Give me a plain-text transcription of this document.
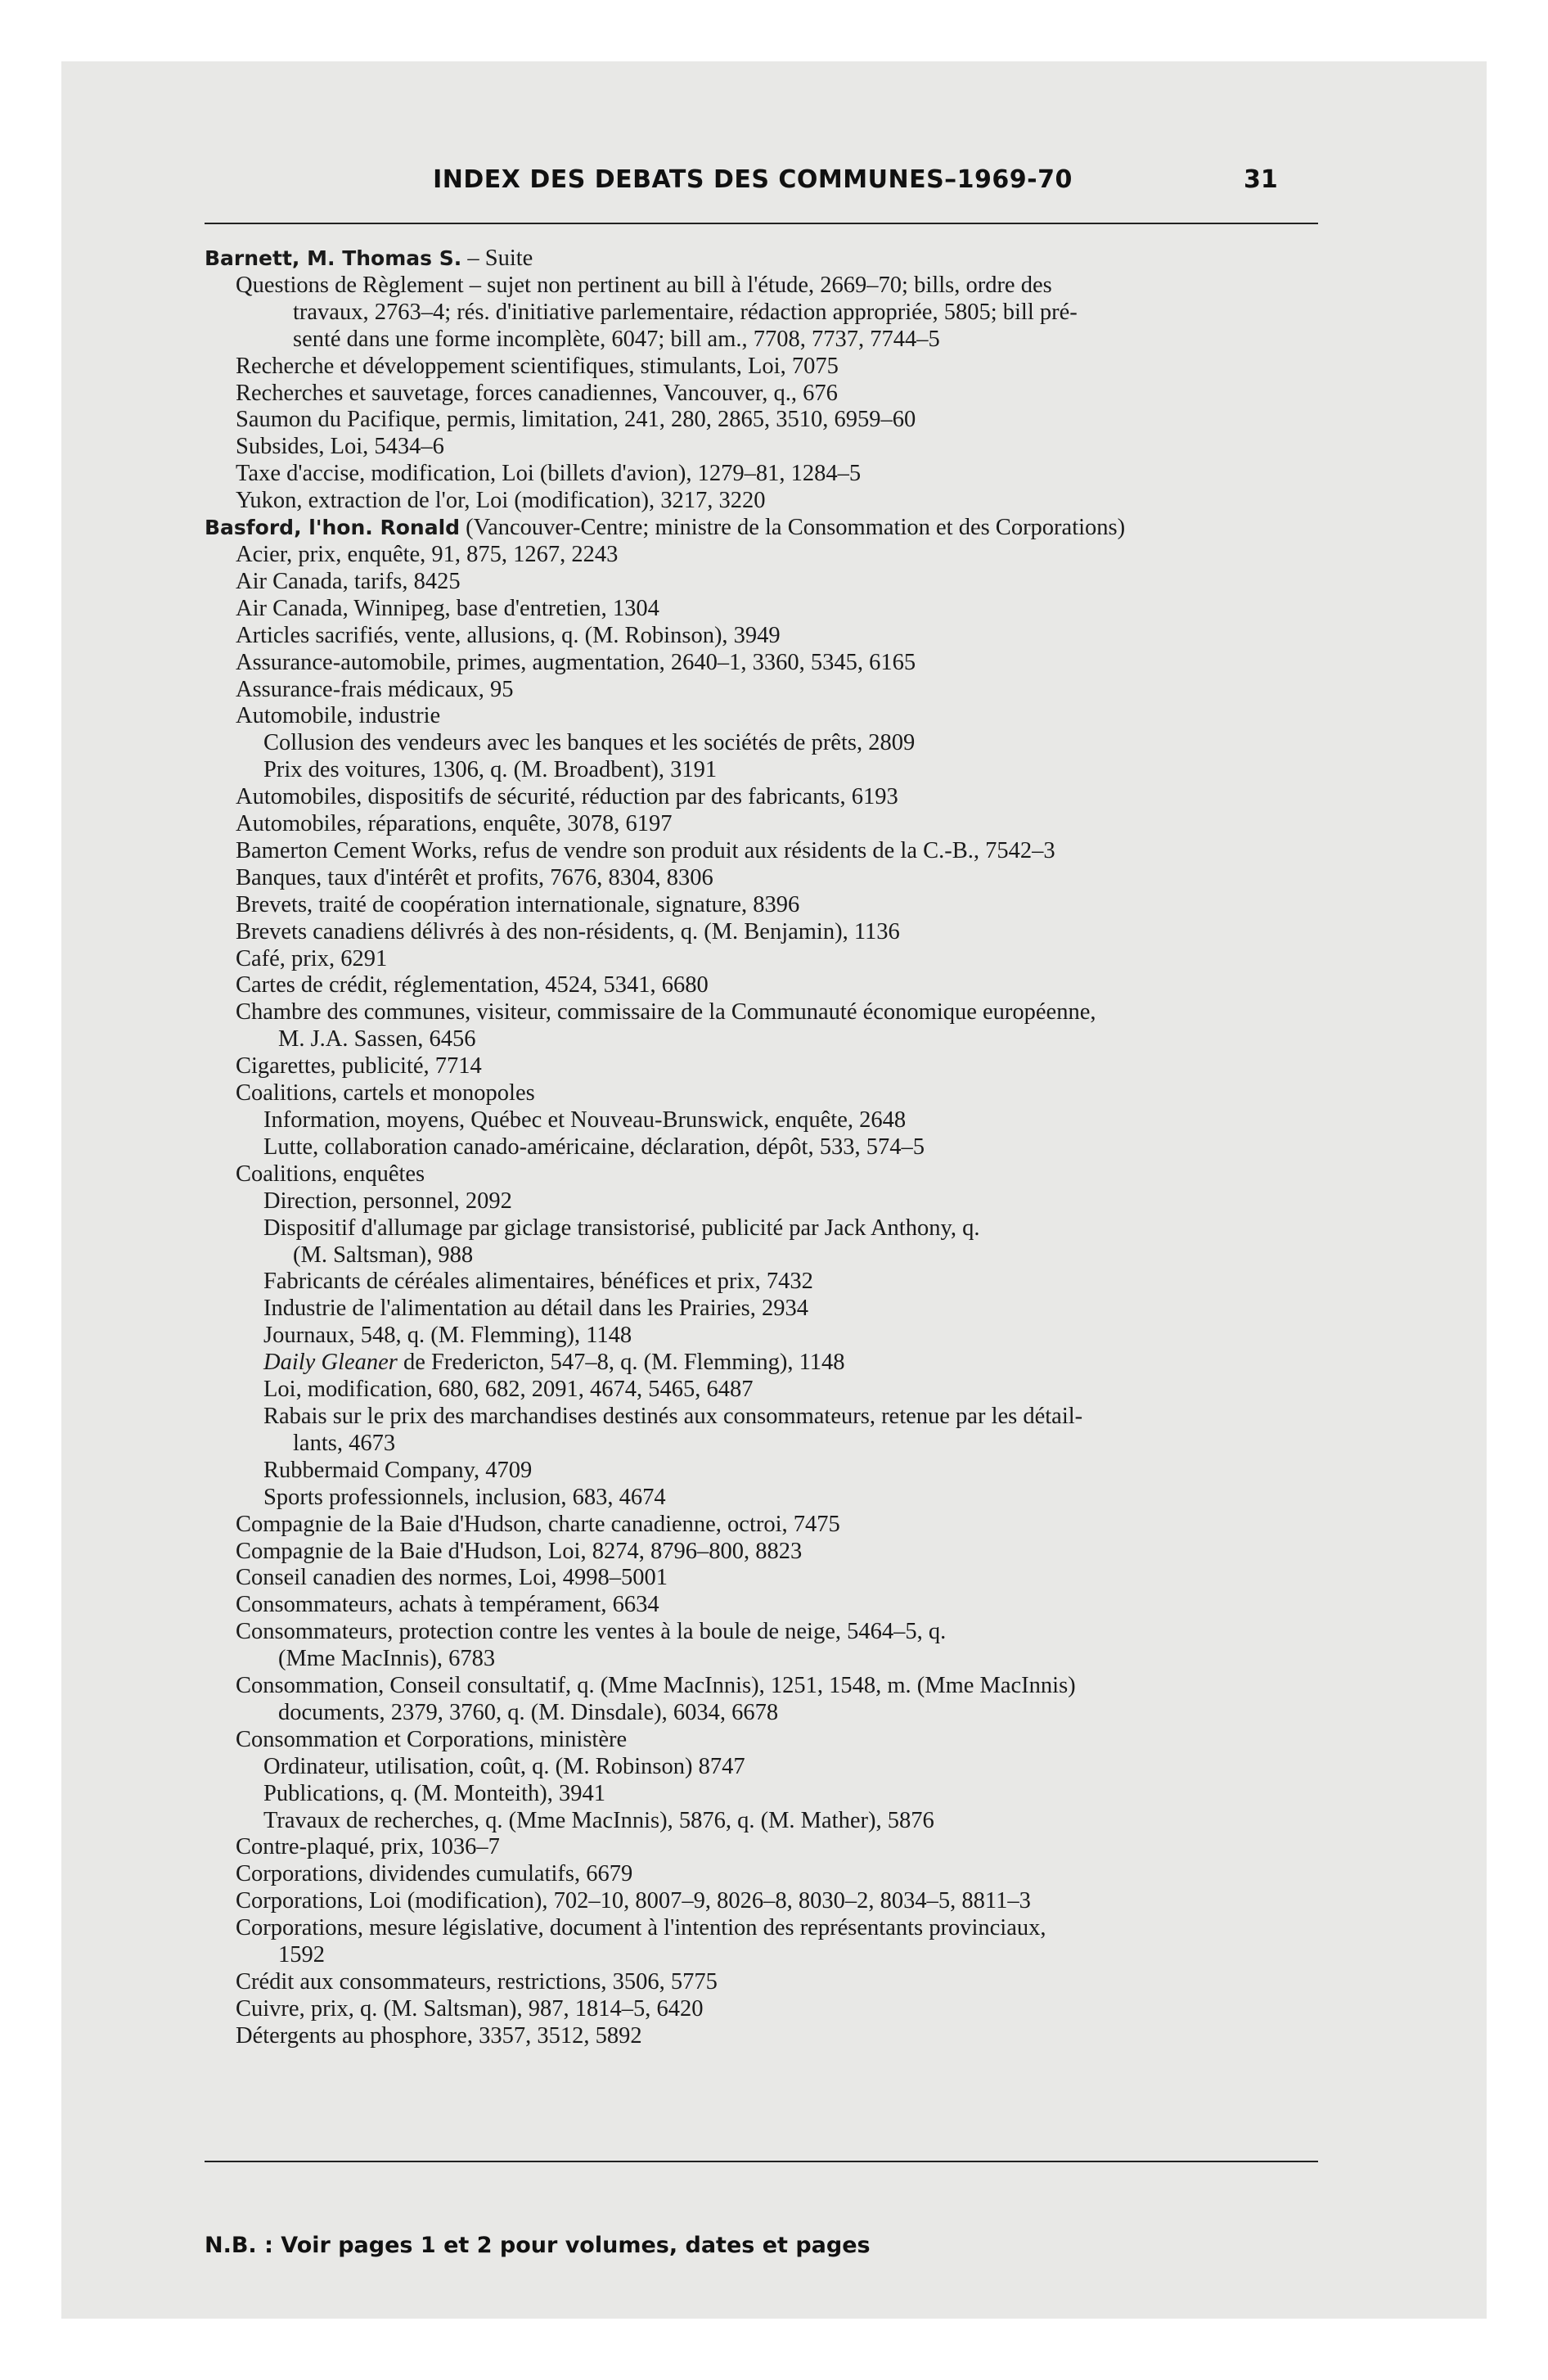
INDEX DES DEBATS DES COMMUNES–1969-70	31
Barnett, M. Thomas S. – Suite
Questions de Règlement – sujet non pertinent au bill à l'étude, 2669–70; bills, ordre des
travaux, 2763–4; rés. d'initiative parlementaire, rédaction appropriée, 5805; bill pré-
senté dans une forme incomplète, 6047; bill am., 7708, 7737, 7744–5
Recherche et développement scientifiques, stimulants, Loi, 7075
Recherches et sauvetage, forces canadiennes, Vancouver, q., 676
Saumon du Pacifique, permis, limitation, 241, 280, 2865, 3510, 6959–60
Subsides, Loi, 5434–6
Taxe d'accise, modification, Loi (billets d'avion), 1279–81, 1284–5
Yukon, extraction de l'or, Loi (modification), 3217, 3220
Basford, l'hon. Ronald (Vancouver-Centre; ministre de la Consommation et des Corporations)
Acier, prix, enquête, 91, 875, 1267, 2243
Air Canada, tarifs, 8425
Air Canada, Winnipeg, base d'entretien, 1304
Articles sacrifiés, vente, allusions, q. (M. Robinson), 3949
Assurance-automobile, primes, augmentation, 2640–1, 3360, 5345, 6165
Assurance-frais médicaux, 95
Automobile, industrie
Collusion des vendeurs avec les banques et les sociétés de prêts, 2809
Prix des voitures, 1306, q. (M. Broadbent), 3191
Automobiles, dispositifs de sécurité, réduction par des fabricants, 6193
Automobiles, réparations, enquête, 3078, 6197
Bamerton Cement Works, refus de vendre son produit aux résidents de la C.-B., 7542–3
Banques, taux d'intérêt et profits, 7676, 8304, 8306
Brevets, traité de coopération internationale, signature, 8396
Brevets canadiens délivrés à des non-résidents, q. (M. Benjamin), 1136
Café, prix, 6291
Cartes de crédit, réglementation, 4524, 5341, 6680
Chambre des communes, visiteur, commissaire de la Communauté économique européenne,
M. J.A. Sassen, 6456
Cigarettes, publicité, 7714
Coalitions, cartels et monopoles
Information, moyens, Québec et Nouveau-Brunswick, enquête, 2648
Lutte, collaboration canado-américaine, déclaration, dépôt, 533, 574–5
Coalitions, enquêtes
Direction, personnel, 2092
Dispositif d'allumage par giclage transistorisé, publicité par Jack Anthony, q.
(M. Saltsman), 988
Fabricants de céréales alimentaires, bénéfices et prix, 7432
Industrie de l'alimentation au détail dans les Prairies, 2934
Journaux, 548, q. (M. Flemming), 1148
Daily Gleaner de Fredericton, 547–8, q. (M. Flemming), 1148
Loi, modification, 680, 682, 2091, 4674, 5465, 6487
Rabais sur le prix des marchandises destinés aux consommateurs, retenue par les détail-
lants, 4673
Rubbermaid Company, 4709
Sports professionnels, inclusion, 683, 4674
Compagnie de la Baie d'Hudson, charte canadienne, octroi, 7475
Compagnie de la Baie d'Hudson, Loi, 8274, 8796–800, 8823
Conseil canadien des normes, Loi, 4998–5001
Consommateurs, achats à tempérament, 6634
Consommateurs, protection contre les ventes à la boule de neige, 5464–5, q.
(Mme MacInnis), 6783
Consommation, Conseil consultatif, q. (Mme MacInnis), 1251, 1548, m. (Mme MacInnis)
documents, 2379, 3760, q. (M. Dinsdale), 6034, 6678
Consommation et Corporations, ministère
Ordinateur, utilisation, coût, q. (M. Robinson) 8747
Publications, q. (M. Monteith), 3941
Travaux de recherches, q. (Mme MacInnis), 5876, q. (M. Mather), 5876
Contre-plaqué, prix, 1036–7
Corporations, dividendes cumulatifs, 6679
Corporations, Loi (modification), 702–10, 8007–9, 8026–8, 8030–2, 8034–5, 8811–3
Corporations, mesure législative, document à l'intention des représentants provinciaux,
1592
Crédit aux consommateurs, restrictions, 3506, 5775
Cuivre, prix, q. (M. Saltsman), 987, 1814–5, 6420
Détergents au phosphore, 3357, 3512, 5892
N.B. : Voir pages 1 et 2 pour volumes, dates et pages
